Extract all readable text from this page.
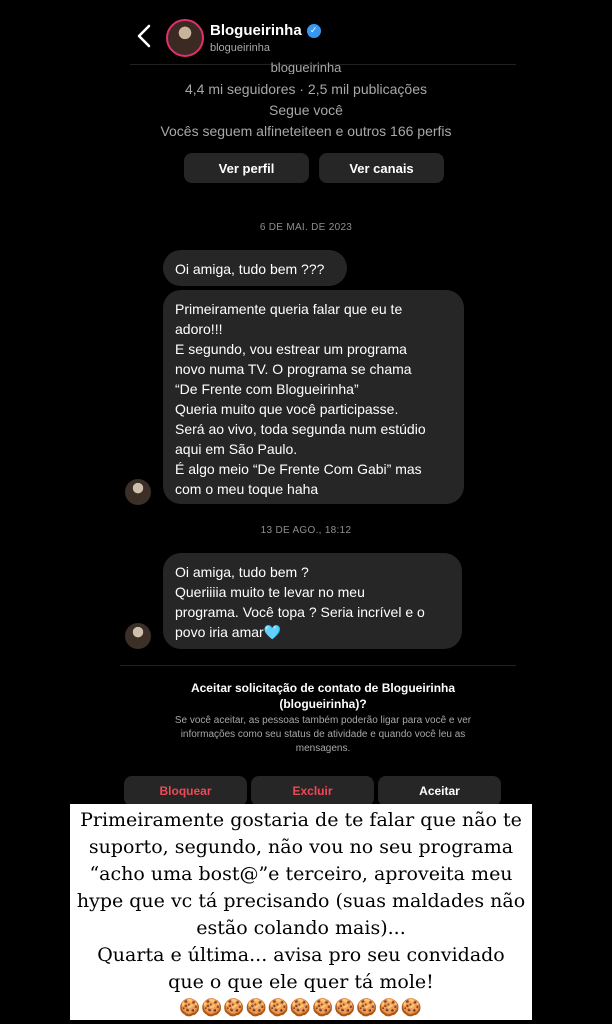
Blogueirinha ✓
blogueirinha
blogueirinha
4,4 mi seguidores · 2,5 mil publicações
Segue você
Vocês seguem alfineteiteen e outros 166 perfis
Ver perfil	Ver canais
6 DE MAI. DE 2023
Oi amiga, tudo bem ???
Primeiramente queria falar que eu te
adoro!!!
E segundo, vou estrear um programa
novo numa TV. O programa se chama
“De Frente com Blogueirinha”
Queria muito que você participasse.
Será ao vivo, toda segunda num estúdio
aqui em São Paulo.
É algo meio “De Frente Com Gabi” mas
com o meu toque haha
13 DE AGO., 18:12
Oi amiga, tudo bem ?
Queriiiia muito te levar no meu
programa. Você topa ? Seria incrível e o
povo iria amar🩵
Aceitar solicitação de contato de Blogueirinha
(blogueirinha)?
Se você aceitar, as pessoas também poderão ligar para você e ver
informações como seu status de atividade e quando você leu as
mensagens.
Bloquear	Excluir	Aceitar
Primeiramente gostaria de te falar que não te
suporto, segundo, não vou no seu programa
“acho uma bost@”e terceiro, aproveita meu
hype que vc tá precisando (suas maldades não
estão colando mais)...
Quarta e última... avisa pro seu convidado
que o que ele quer tá mole!
🍪🍪🍪🍪🍪🍪🍪🍪🍪🍪🍪
